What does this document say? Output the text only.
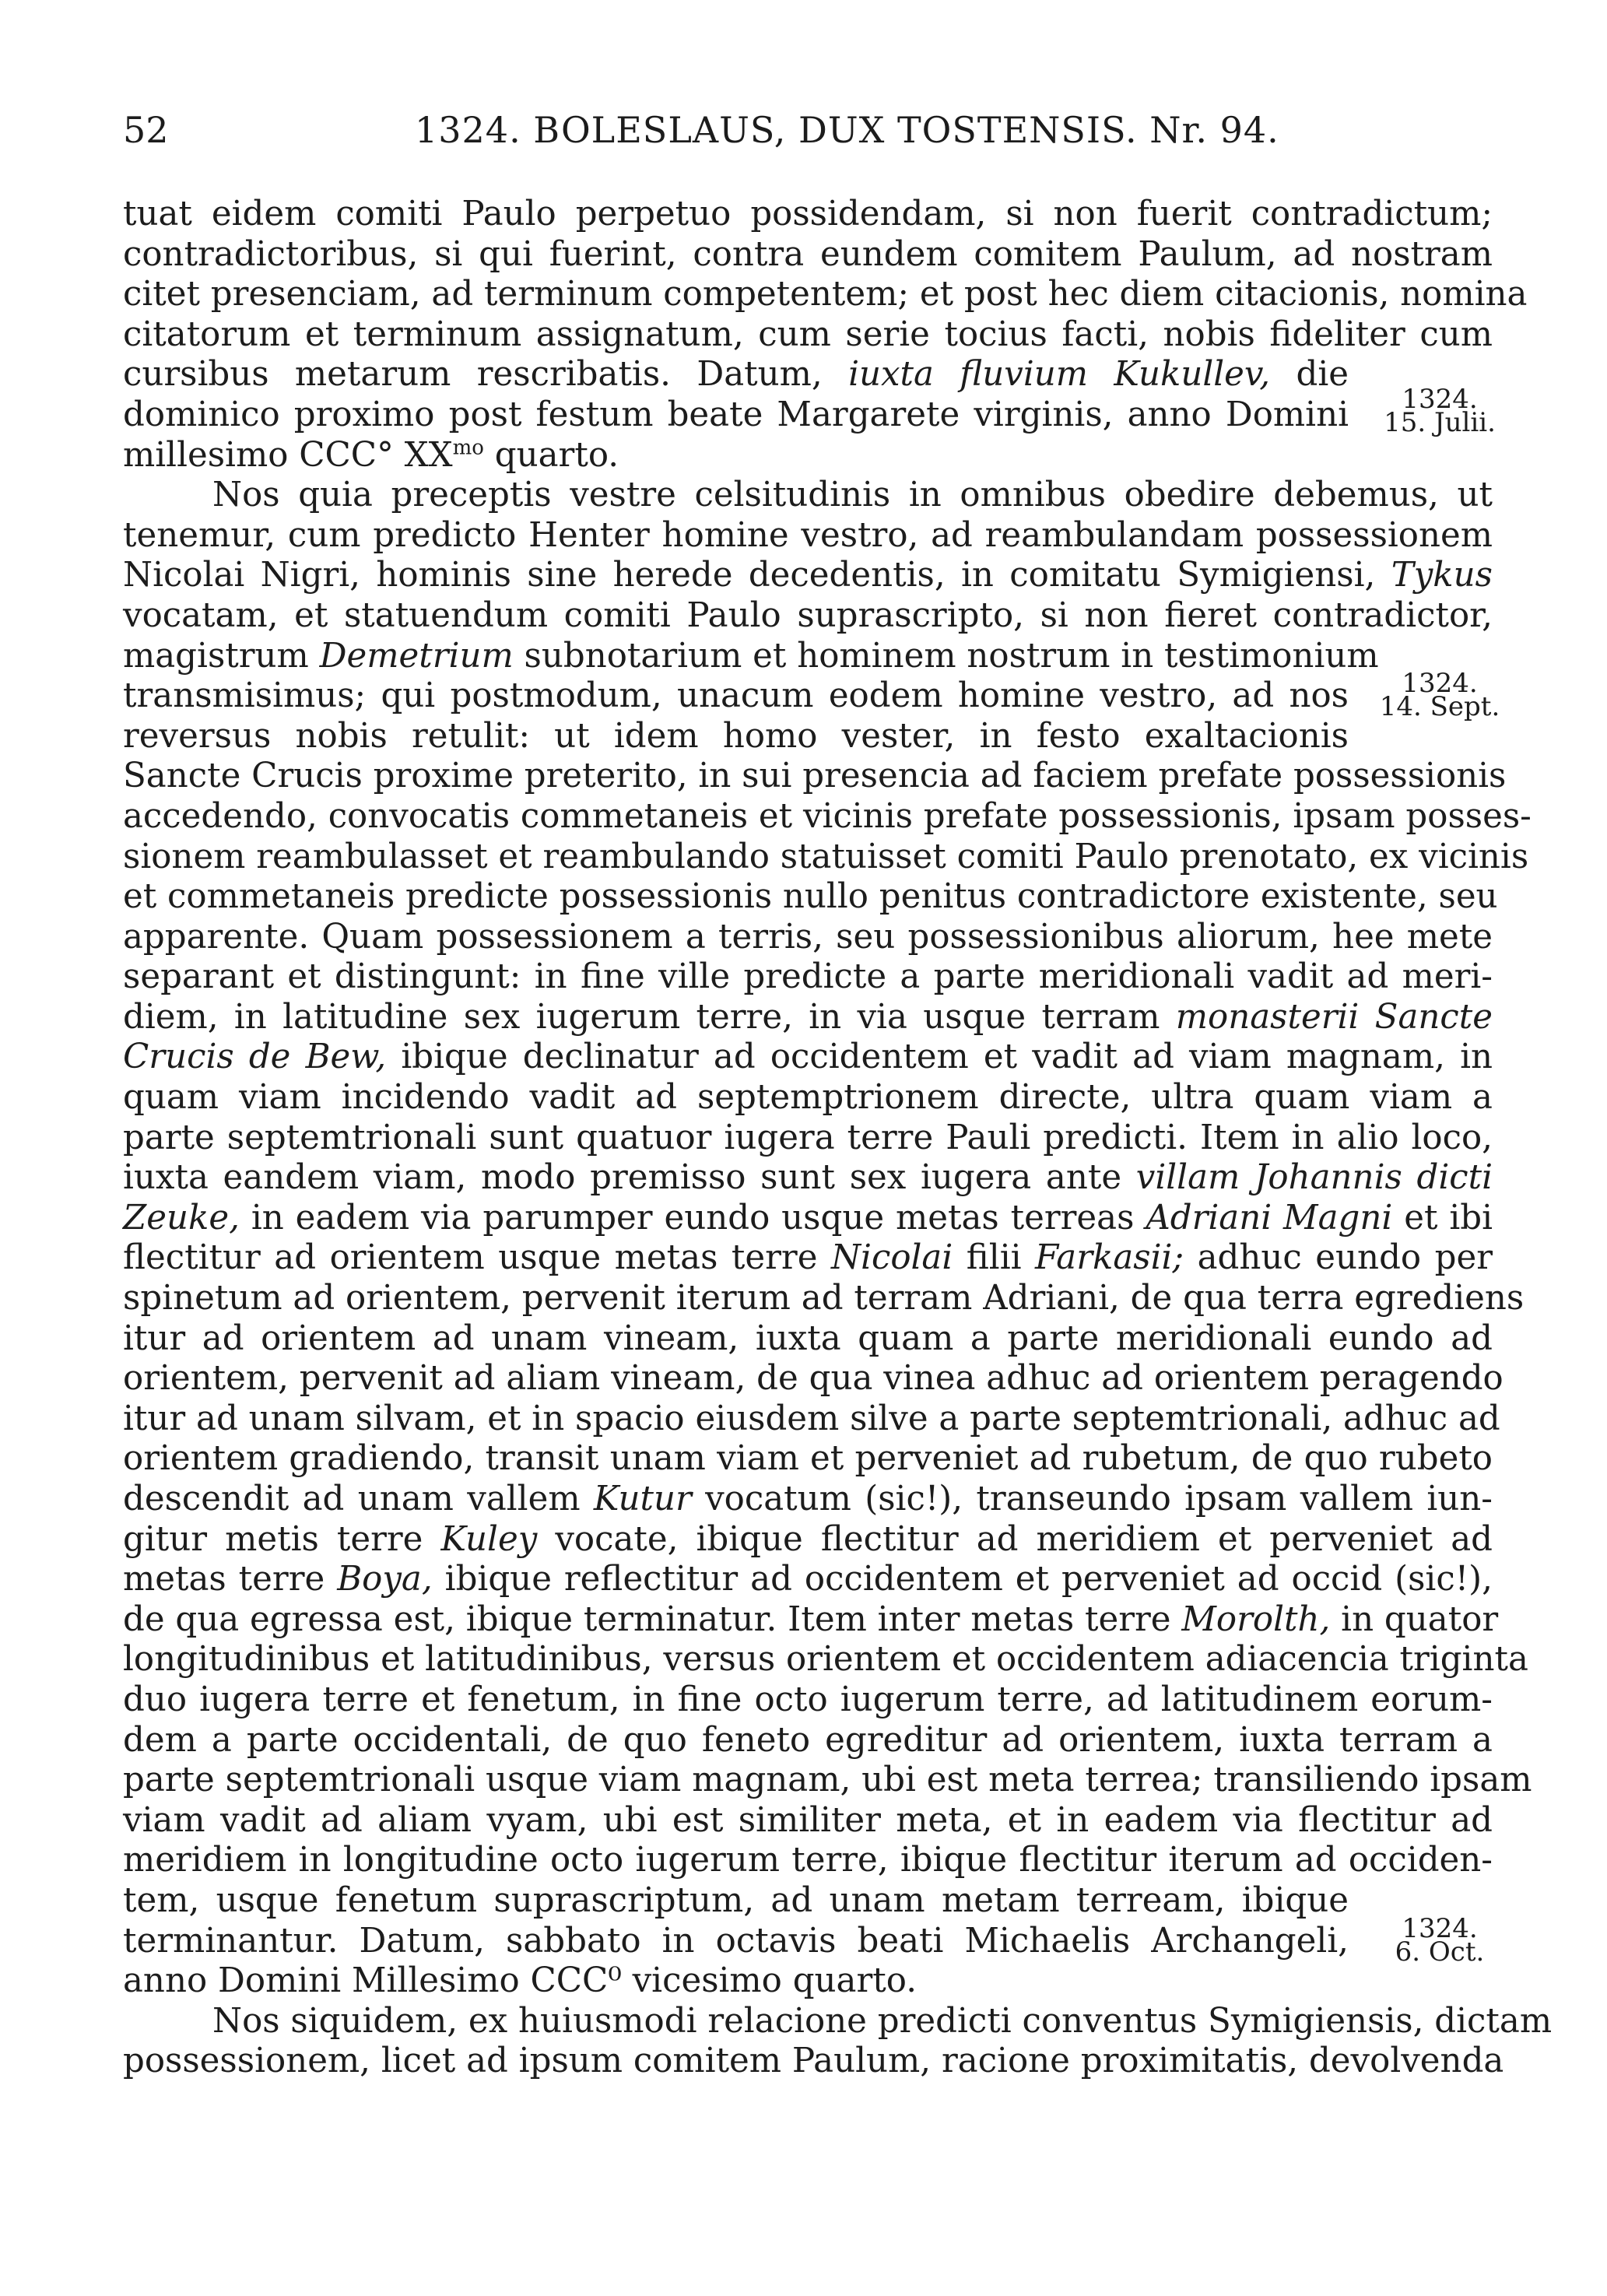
52	1324. BOLESLAUS, DUX TOSTENSIS. Nr. 94.
tuat eidem comiti Paulo perpetuo possidendam, si non fuerit contradictum;
contradictoribus, si qui fuerint, contra eundem comitem Paulum, ad nostram
citet presenciam, ad terminum competentem; et post hec diem citacionis, nomina
citatorum et terminum assignatum, cum serie tocius facti, nobis fideliter cum
cursibus metarum rescribatis. Datum, iuxta fluvium Kukullev, die
dominico proximo post festum beate Margarete virginis, anno Domini	1324.
15. Julii.
millesimo CCC° $XX^{mo}$ quarto.
Nos quia preceptis vestre celsitudinis in omnibus obedire debemus, ut
tenemur, cum predicto Henter homine vestro, ad reambulandam possessionem
Nicolai Nigri, hominis sine herede decedentis, in comitatu Symigiensi, Tykus
vocatam, et statuendum comiti Paulo suprascripto, si non fieret contradictor,
magistrum Demetrium subnotarium et hominem nostrum in testimonium
transmisimus; qui postmodum, unacum eodem homine vestro, ad nos	1324.
14. Sept.
reversus nobis retulit: ut idem homo vester, in festo exaltacionis
Sancte Crucis proxime preterito, in sui presencia ad faciem prefate possessionis
accedendo, convocatis commetaneis et vicinis prefate possessionis, ipsam posses-
sionem reambulasset et reambulando statuisset comiti Paulo prenotato, ex vicinis
et commetaneis predicte possessionis nullo penitus contradictore existente, seu
apparente. Quam possessionem a terris, seu possessionibus aliorum, hee mete
separant et distingunt: in fine ville predicte a parte meridionali vadit ad meri-
diem, in latitudine sex iugerum terre, in via usque terram monasterii Sancte
Crucis de Bew, ibique declinatur ad occidentem et vadit ad viam magnam, in
quam viam incidendo vadit ad septemptrionem directe, ultra quam viam a
parte septemtrionali sunt quatuor iugera terre Pauli predicti. Item in alio loco,
iuxta eandem viam, modo premisso sunt sex iugera ante villam Johannis dicti
Zeuke, in eadem via parumper eundo usque metas terreas Adriani Magni et ibi
flectitur ad orientem usque metas terre Nicolai filii Farkasii; adhuc eundo per
spinetum ad orientem, pervenit iterum ad terram Adriani, de qua terra egrediens
itur ad orientem ad unam vineam, iuxta quam a parte meridionali eundo ad
orientem, pervenit ad aliam vineam, de qua vinea adhuc ad orientem peragendo
itur ad unam silvam, et in spacio eiusdem silve a parte septemtrionali, adhuc ad
orientem gradiendo, transit unam viam et perveniet ad rubetum, de quo rubeto
descendit ad unam vallem Kutur vocatum (sic!), transeundo ipsam vallem iun-
gitur metis terre Kuley vocate, ibique flectitur ad meridiem et perveniet ad
metas terre Boya, ibique reflectitur ad occidentem et perveniet ad occid (sic!),
de qua egressa est, ibique terminatur. Item inter metas terre Morolth, in quator
longitudinibus et latitudinibus, versus orientem et occidentem adiacencia triginta
duo iugera terre et fenetum, in fine octo iugerum terre, ad latitudinem eorum-
dem a parte occidentali, de quo feneto egreditur ad orientem, iuxta terram a
parte septemtrionali usque viam magnam, ubi est meta terrea; transiliendo ipsam
viam vadit ad aliam vyam, ubi est similiter meta, et in eadem via flectitur ad
meridiem in longitudine octo iugerum terre, ibique flectitur iterum ad occiden-
tem, usque fenetum suprascriptum, ad unam metam terream, ibique
terminantur. Datum, sabbato in octavis beati Michaelis Archangeli,	1324.
6. Oct.
anno Domini Millesimo CCC⁰ vicesimo quarto.
Nos siquidem, ex huiusmodi relacione predicti conventus Symigiensis, dictam
possessionem, licet ad ipsum comitem Paulum, racione proximitatis, devolvenda
